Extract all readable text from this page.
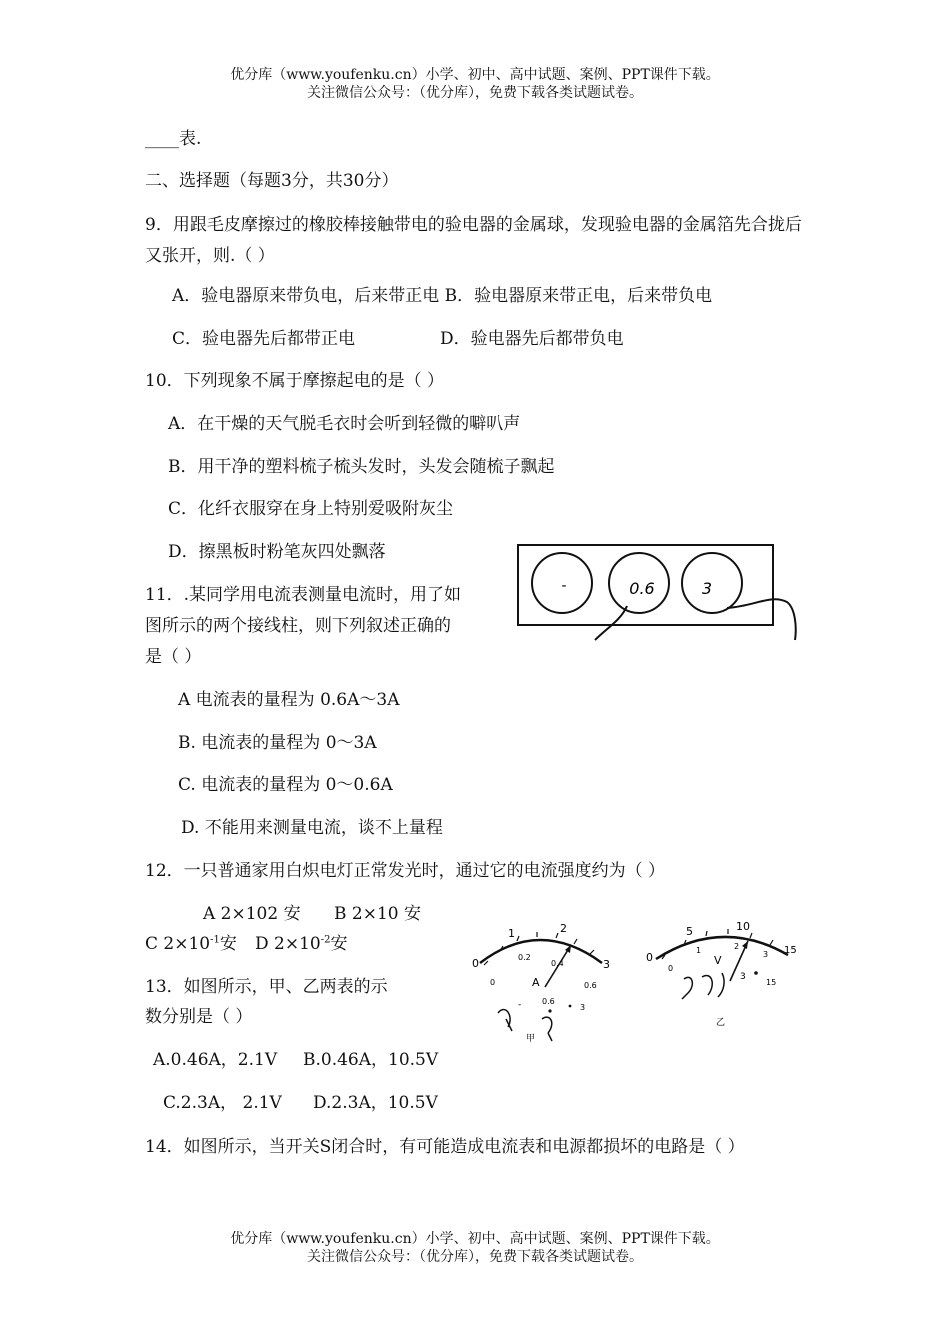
优分库（www.youfenku.cn）小学、初中、高中试题、案例、PPT课件下载。
关注微信公众号：（优分库），免费下载各类试题试卷。
____表.
二、选择题（每题3分，共30分）
9．用跟毛皮摩擦过的橡胶棒接触带电的验电器的金属球，发现验电器的金属箔先合拢后又张开，则.（ ）
A．验电器原来带负电，后来带正电 B．验电器原来带正电，后来带负电
C．验电器先后都带正电	D．验电器先后都带负电
10．下列现象不属于摩擦起电的是（ ）
A．在干燥的天气脱毛衣时会听到轻微的噼叭声
B．用干净的塑料梳子梳头发时，头发会随梳子飘起
C．化纤衣服穿在身上特别爱吸附灰尘
D．擦黑板时粉笔灰四处飘落
11．.某同学用电流表测量电流时，用了如
图所示的两个接线柱，则下列叙述正确的
是（ ）
A 电流表的量程为 0.6A～3A
B. 电流表的量程为 0～3A
C. 电流表的量程为 0～0.6A
D. 不能用来测量电流，谈不上量程
12．一只普通家用白炽电灯正常发光时，通过它的电流强度约为（ ）
A 2×102 安 B 2×10 安
C $2\times 10^{-1}$安 D $2\times 10^{-2}$安
13．如图所示，甲、乙两表的示
数分别是（ ）
A.0.46A，2.1V B.0.46A，10.5V
C.2.3A， 2.1V D.2.3A，10.5V
14．如图所示，当开关S闭合时，有可能造成电流表和电源都损坏的电路是（ ）
-	0.6	3
0
1	2
3
0
0.2
0.4
0.6
A
-	0.6
3
甲
0
5	10
15
0
1	2
3
V
3
15
乙
优分库（www.youfenku.cn）小学、初中、高中试题、案例、PPT课件下载。
关注微信公众号：（优分库），免费下载各类试题试卷。
